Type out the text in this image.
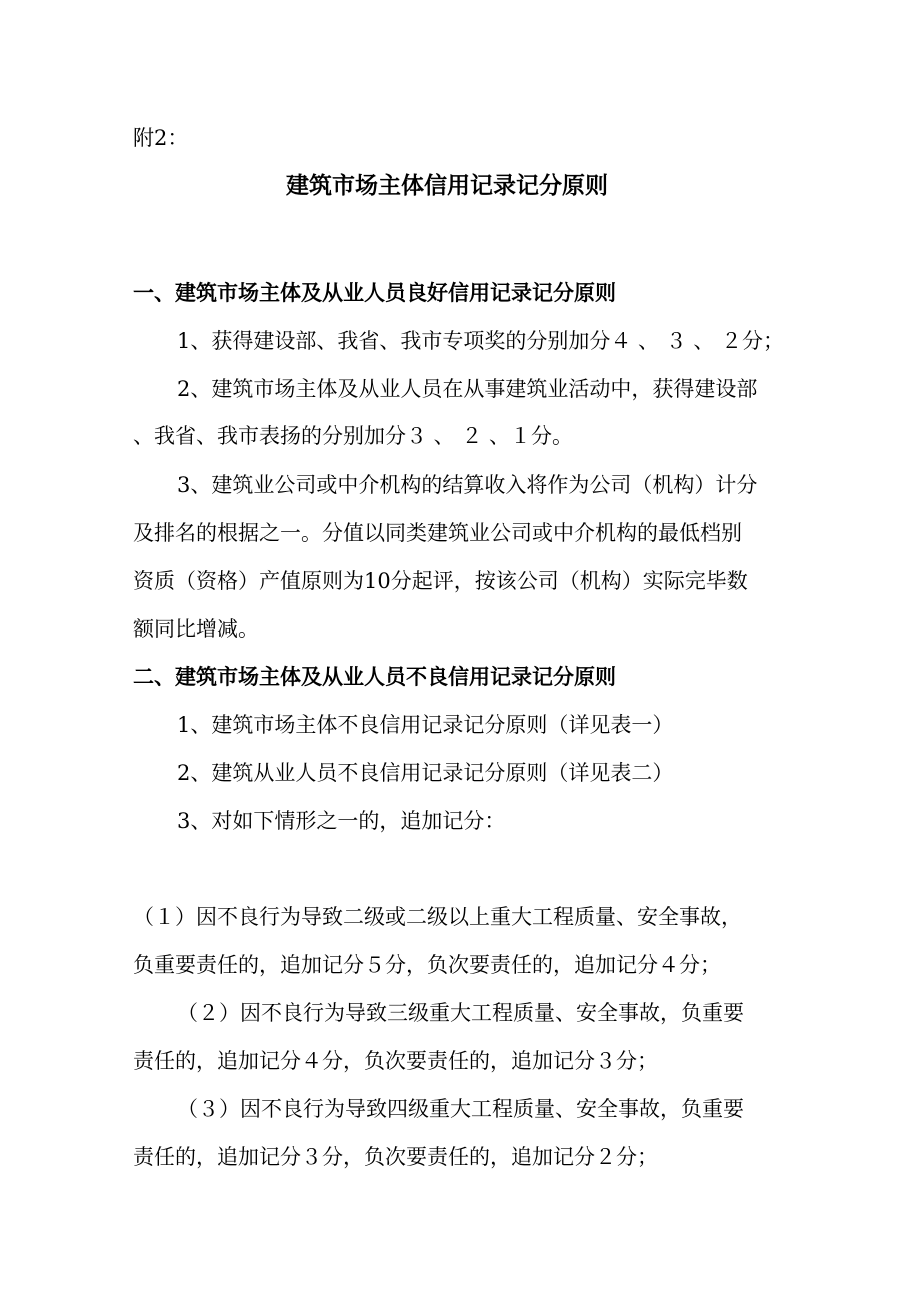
附2：
建筑市场主体信用记录记分原则
一、建筑市场主体及从业人员良好信用记录记分原则
1、获得建设部、我省、我市专项奖的分别加分４ 、 ３ 、 ２分；
2、建筑市场主体及从业人员在从事建筑业活动中，获得建设部
、我省、我市表扬的分别加分３ 、 ２ 、１分。
3、建筑业公司或中介机构的结算收入将作为公司（机构）计分
及排名的根据之一。分值以同类建筑业公司或中介机构的最低档别
资质（资格）产值原则为10分起评，按该公司（机构）实际完毕数
额同比增减。
二、建筑市场主体及从业人员不良信用记录记分原则
1、建筑市场主体不良信用记录记分原则（详见表一）
2、建筑从业人员不良信用记录记分原则（详见表二）
3、对如下情形之一的，追加记分：
（１）因不良行为导致二级或二级以上重大工程质量、安全事故，
负重要责任的，追加记分５分，负次要责任的，追加记分４分；
（２）因不良行为导致三级重大工程质量、安全事故，负重要
责任的，追加记分４分，负次要责任的，追加记分３分；
（３）因不良行为导致四级重大工程质量、安全事故，负重要
责任的，追加记分３分，负次要责任的，追加记分２分；
